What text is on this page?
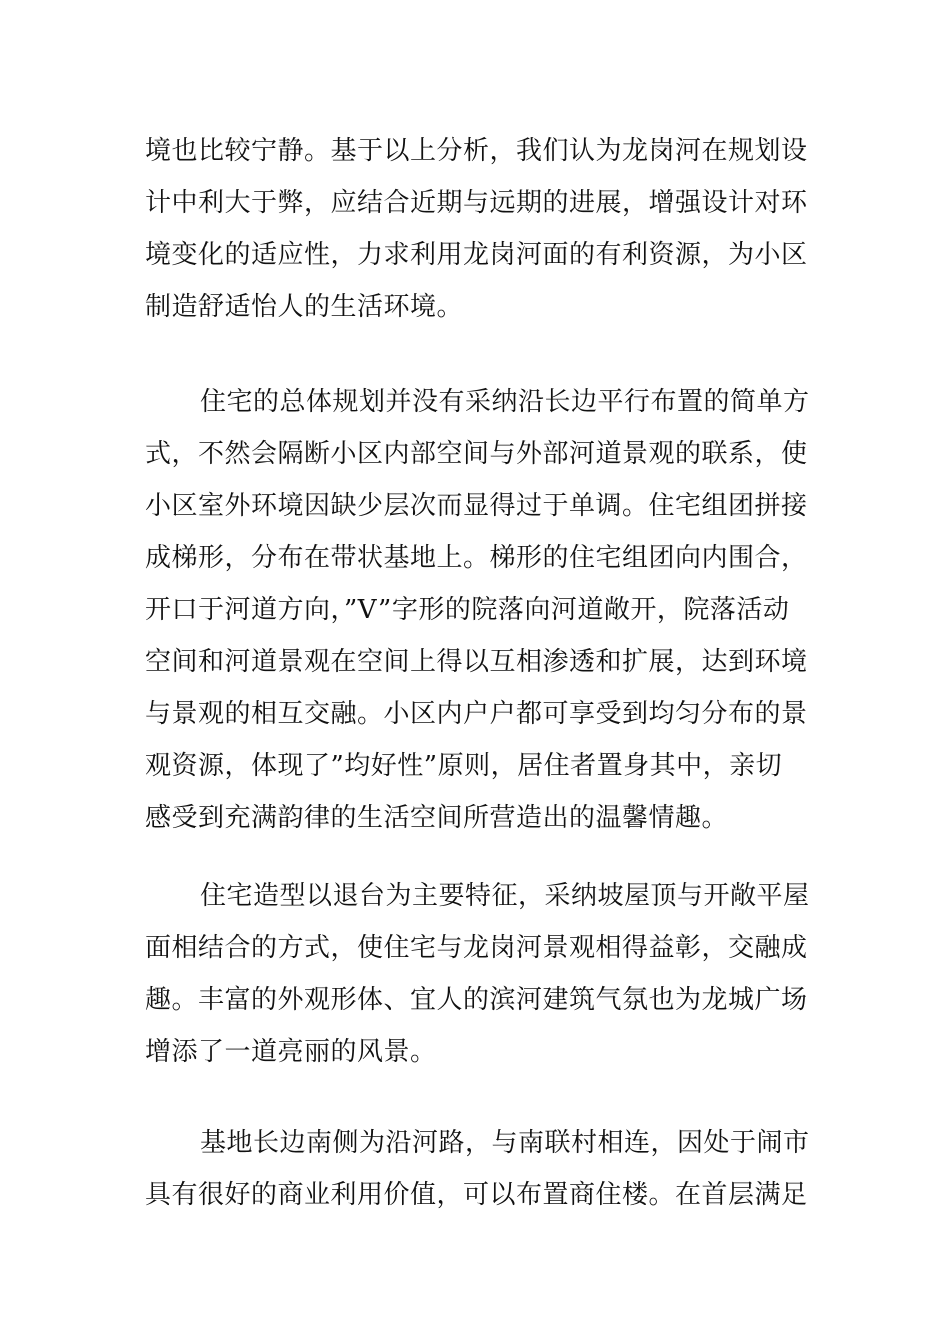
境也比较宁静。基于以上分析，我们认为龙岗河在规划设
计中利大于弊，应结合近期与远期的进展，增强设计对环
境变化的适应性，力求利用龙岗河面的有利资源，为小区
制造舒适怡人的生活环境。
住宅的总体规划并没有采纳沿长边平行布置的简单方
式，不然会隔断小区内部空间与外部河道景观的联系，使
小区室外环境因缺少层次而显得过于单调。住宅组团拼接
成梯形，分布在带状基地上。梯形的住宅组团向内围合，
开口于河道方向，”V”字形的院落向河道敞开，院落活动
空间和河道景观在空间上得以互相渗透和扩展，达到环境
与景观的相互交融。小区内户户都可享受到均匀分布的景
观资源，体现了”均好性”原则，居住者置身其中，亲切
感受到充满韵律的生活空间所营造出的温馨情趣。
住宅造型以退台为主要特征，采纳坡屋顶与开敞平屋
面相结合的方式，使住宅与龙岗河景观相得益彰，交融成
趣。丰富的外观形体、宜人的滨河建筑气氛也为龙城广场
增添了一道亮丽的风景。
基地长边南侧为沿河路，与南联村相连，因处于闹市
具有很好的商业利用价值，可以布置商住楼。在首层满足
